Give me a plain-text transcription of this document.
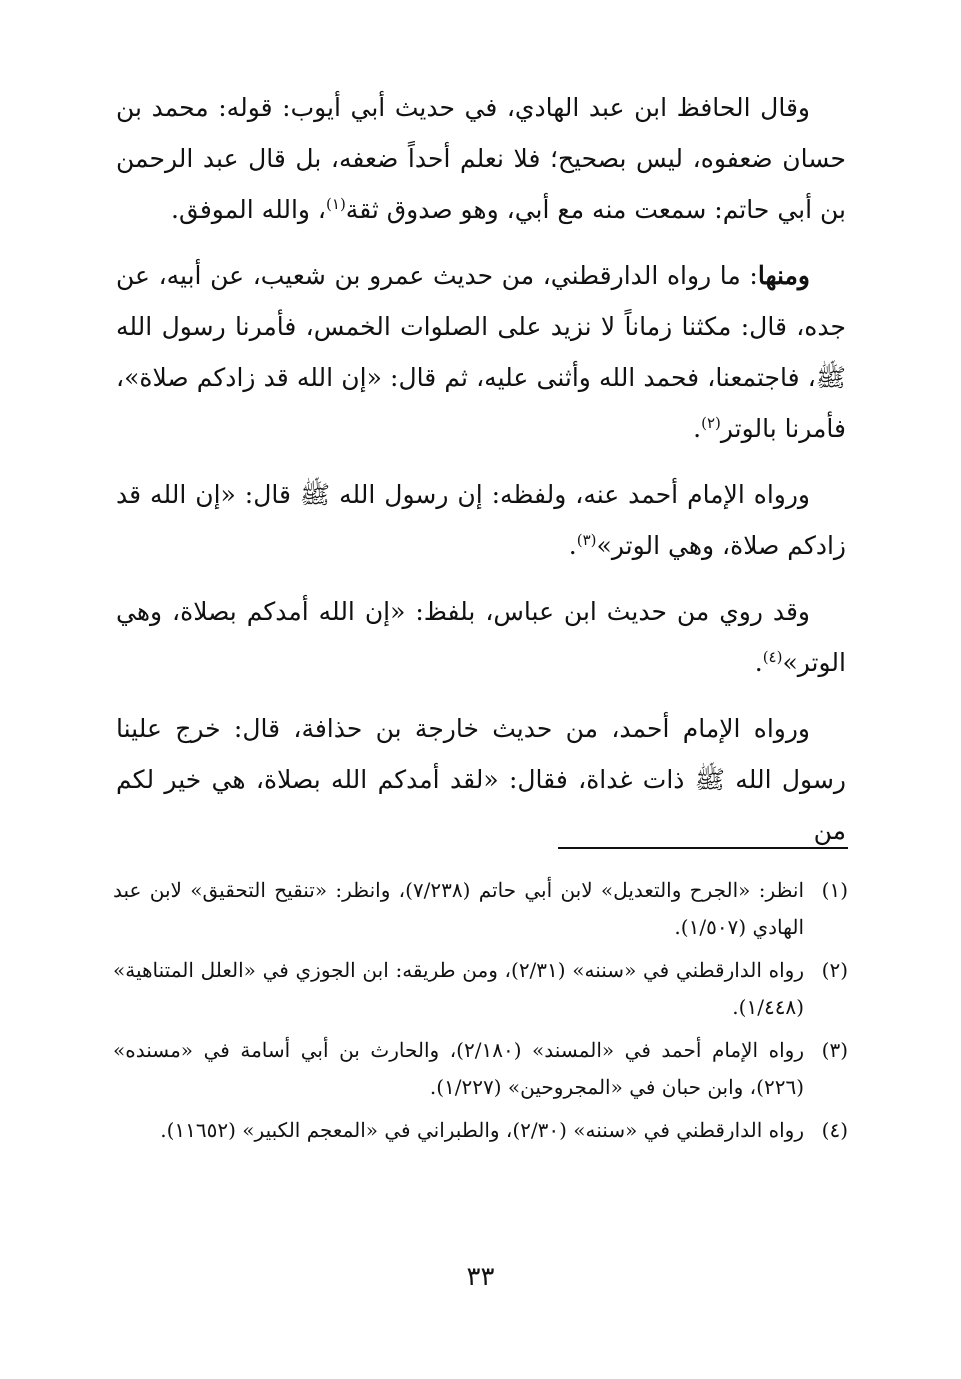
وقال الحافظ ابن عبد الهادي، في حديث أبي أيوب: قوله: محمد بن حسان ضعفوه، ليس بصحيح؛ فلا نعلم أحداً ضعفه، بل قال عبد الرحمن بن أبي حاتم: سمعت منه مع أبي، وهو صدوق ثقة$^{(١)}$، والله الموفق.

ومنها: ما رواه الدارقطني، من حديث عمرو بن شعيب، عن أبيه، عن جده، قال: مكثنا زماناً لا نزيد على الصلوات الخمس، فأمرنا رسول الله ﷺ، فاجتمعنا، فحمد الله وأثنى عليه، ثم قال: «إن الله قد زادكم صلاة»، فأمرنا بالوتر$^{(٢)}$.

ورواه الإمام أحمد عنه، ولفظه: إن رسول الله ﷺ قال: «إن الله قد زادكم صلاة، وهي الوتر»$^{(٣)}$.

وقد روي من حديث ابن عباس، بلفظ: «إن الله أمدكم بصلاة، وهي الوتر»$^{(٤)}$.

ورواه الإمام أحمد، من حديث خارجة بن حذافة، قال: خرج علينا رسول الله ﷺ ذات غداة، فقال: «لقد أمدكم الله بصلاة، هي خير لكم من

(١)
انظر: «الجرح والتعديل» لابن أبي حاتم (٧/٢٣٨)، وانظر: «تنقيح التحقيق» لابن عبد الهادي (١/٥٠٧).
(٢)
رواه الدارقطني في «سننه» (٢/٣١)، ومن طريقه: ابن الجوزي في «العلل المتناهية» (١/٤٤٨).
(٣)
رواه الإمام أحمد في «المسند» (٢/١٨٠)، والحارث بن أبي أسامة في «مسنده» (٢٢٦)، وابن حبان في «المجروحين» (١/٢٢٧).
(٤)
رواه الدارقطني في «سننه» (٢/٣٠)، والطبراني في «المعجم الكبير» (١١٦٥٢).
٣٣
